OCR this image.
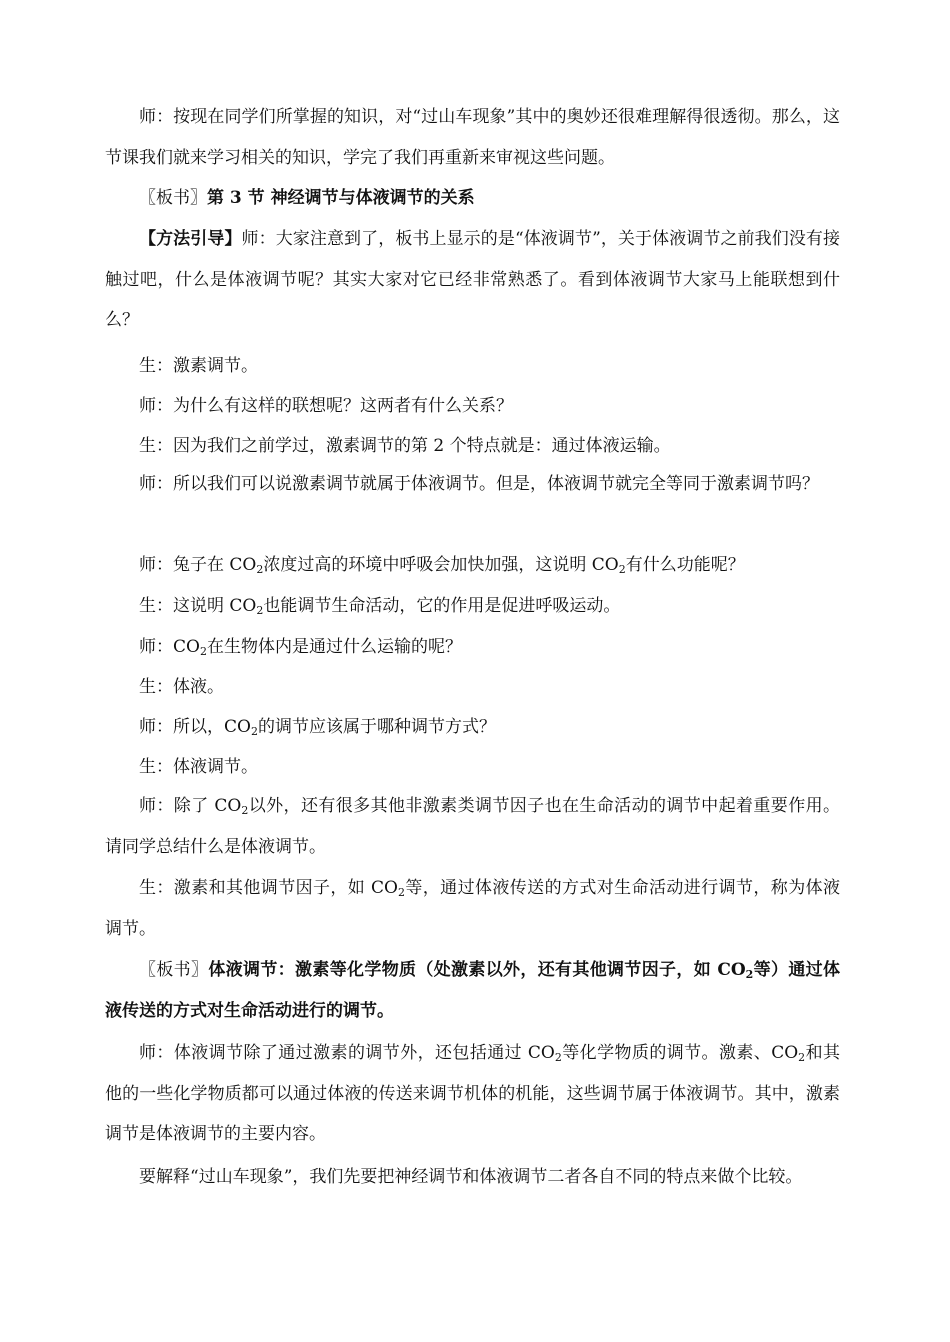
师：按现在同学们所掌握的知识，对“过山车现象”其中的奥妙还很难理解得很透彻。那么，这节课我们就来学习相关的知识，学完了我们再重新来审视这些问题。

〖板书〗第 3 节 神经调节与体液调节的关系

【方法引导】师：大家注意到了，板书上显示的是“体液调节”，关于体液调节之前我们没有接触过吧，什么是体液调节呢？其实大家对它已经非常熟悉了。看到体液调节大家马上能联想到什么？

生：激素调节。

师：为什么有这样的联想呢？这两者有什么关系？

生：因为我们之前学过，激素调节的第 2 个特点就是：通过体液运输。

师：所以我们可以说激素调节就属于体液调节。但是，体液调节就完全等同于激素调节吗？

师：兔子在 $CO_2$浓度过高的环境中呼吸会加快加强，这说明 $CO_2$有什么功能呢？

生：这说明 $CO_2$也能调节生命活动，它的作用是促进呼吸运动。

师：$CO_2$在生物体内是通过什么运输的呢？

生：体液。

师：所以，$CO_2$的调节应该属于哪种调节方式？

生：体液调节。

师：除了 $CO_2$以外，还有很多其他非激素类调节因子也在生命活动的调节中起着重要作用。请同学总结什么是体液调节。

生：激素和其他调节因子，如 $CO_2$等，通过体液传送的方式对生命活动进行调节，称为体液调节。

〖板书〗体液调节：激素等化学物质（处激素以外，还有其他调节因子，如 $CO_2$等）通过体液传送的方式对生命活动进行的调节。

师：体液调节除了通过激素的调节外，还包括通过 $CO_2$等化学物质的调节。激素、$CO_2$和其他的一些化学物质都可以通过体液的传送来调节机体的机能，这些调节属于体液调节。其中，激素调节是体液调节的主要内容。

要解释“过山车现象”，我们先要把神经调节和体液调节二者各自不同的特点来做个比较。
